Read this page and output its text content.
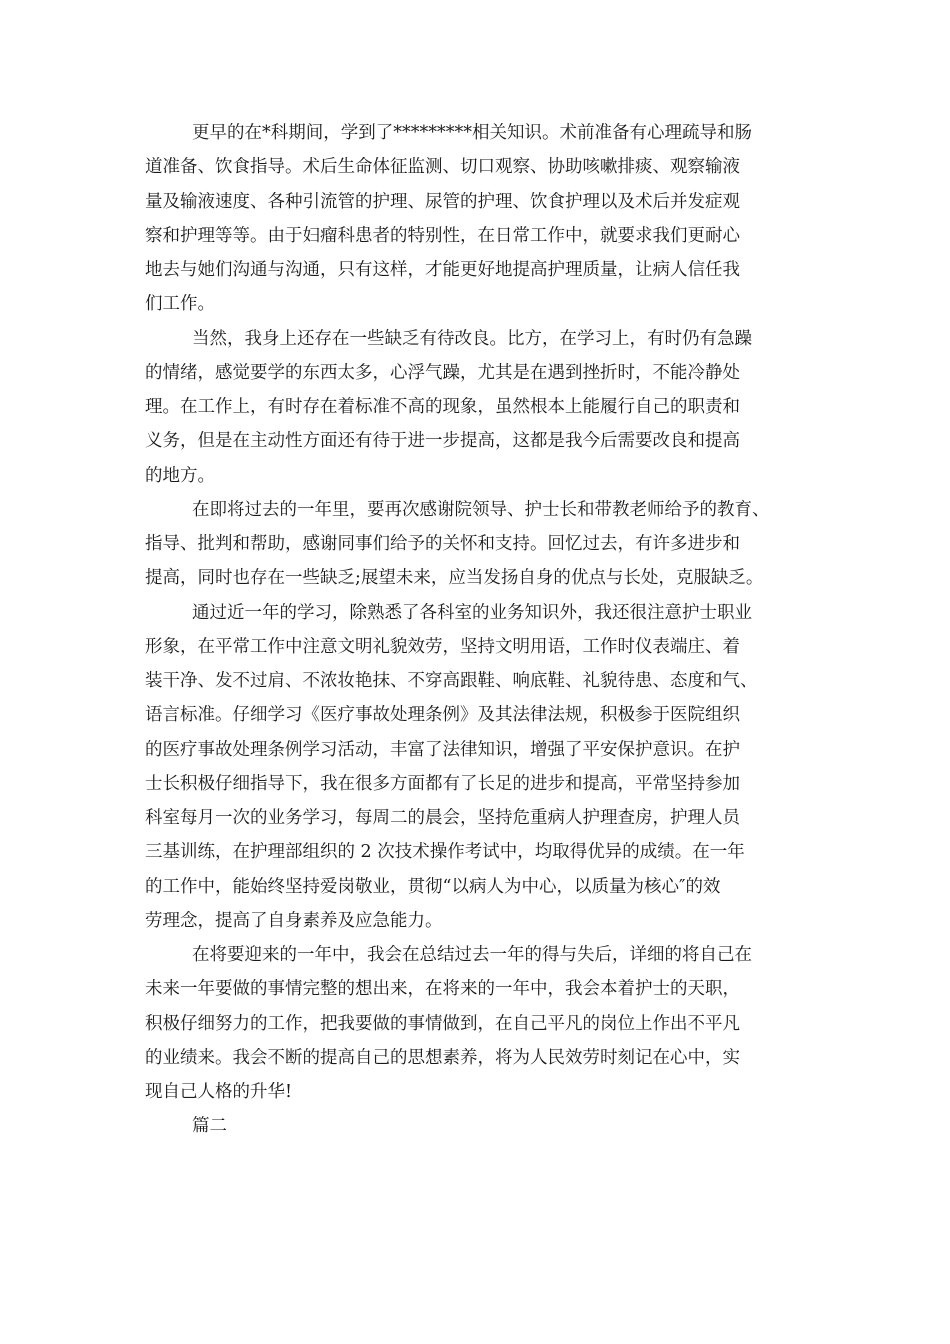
更早的在*科期间，学到了*********相关知识。术前准备有心理疏导和肠
道准备、饮食指导。术后生命体征监测、切口观察、协助咳嗽排痰、观察输液
量及输液速度、各种引流管的护理、尿管的护理、饮食护理以及术后并发症观
察和护理等等。由于妇瘤科患者的特别性，在日常工作中，就要求我们更耐心
地去与她们沟通与沟通，只有这样，才能更好地提高护理质量，让病人信任我
们工作。
当然，我身上还存在一些缺乏有待改良。比方，在学习上，有时仍有急躁
的情绪，感觉要学的东西太多，心浮气躁，尤其是在遇到挫折时，不能冷静处
理。在工作上，有时存在着标准不高的现象，虽然根本上能履行自己的职责和
义务，但是在主动性方面还有待于进一步提高，这都是我今后需要改良和提高
的地方。
在即将过去的一年里，要再次感谢院领导、护士长和带教老师给予的教育、
指导、批判和帮助，感谢同事们给予的关怀和支持。回忆过去，有许多进步和
提高，同时也存在一些缺乏;展望未来，应当发扬自身的优点与长处，克服缺乏。
通过近一年的学习，除熟悉了各科室的业务知识外，我还很注意护士职业
形象，在平常工作中注意文明礼貌效劳，坚持文明用语，工作时仪表端庄、着
装干净、发不过肩、不浓妆艳抹、不穿高跟鞋、响底鞋、礼貌待患、态度和气、
语言标准。仔细学习《医疗事故处理条例》及其法律法规，积极参于医院组织
的医疗事故处理条例学习活动，丰富了法律知识，增强了平安保护意识。在护
士长积极仔细指导下，我在很多方面都有了长足的进步和提高，平常坚持参加
科室每月一次的业务学习，每周二的晨会，坚持危重病人护理查房，护理人员
三基训练，在护理部组织的 2 次技术操作考试中，均取得优异的成绩。在一年
的工作中，能始终坚持爱岗敬业，贯彻“以病人为中心，以质量为核心″的效
劳理念，提高了自身素养及应急能力。
在将要迎来的一年中，我会在总结过去一年的得与失后，详细的将自己在
未来一年要做的事情完整的想出来，在将来的一年中，我会本着护士的天职，
积极仔细努力的工作，把我要做的事情做到，在自己平凡的岗位上作出不平凡
的业绩来。我会不断的提高自己的思想素养，将为人民效劳时刻记在心中，实
现自己人格的升华!
篇二
